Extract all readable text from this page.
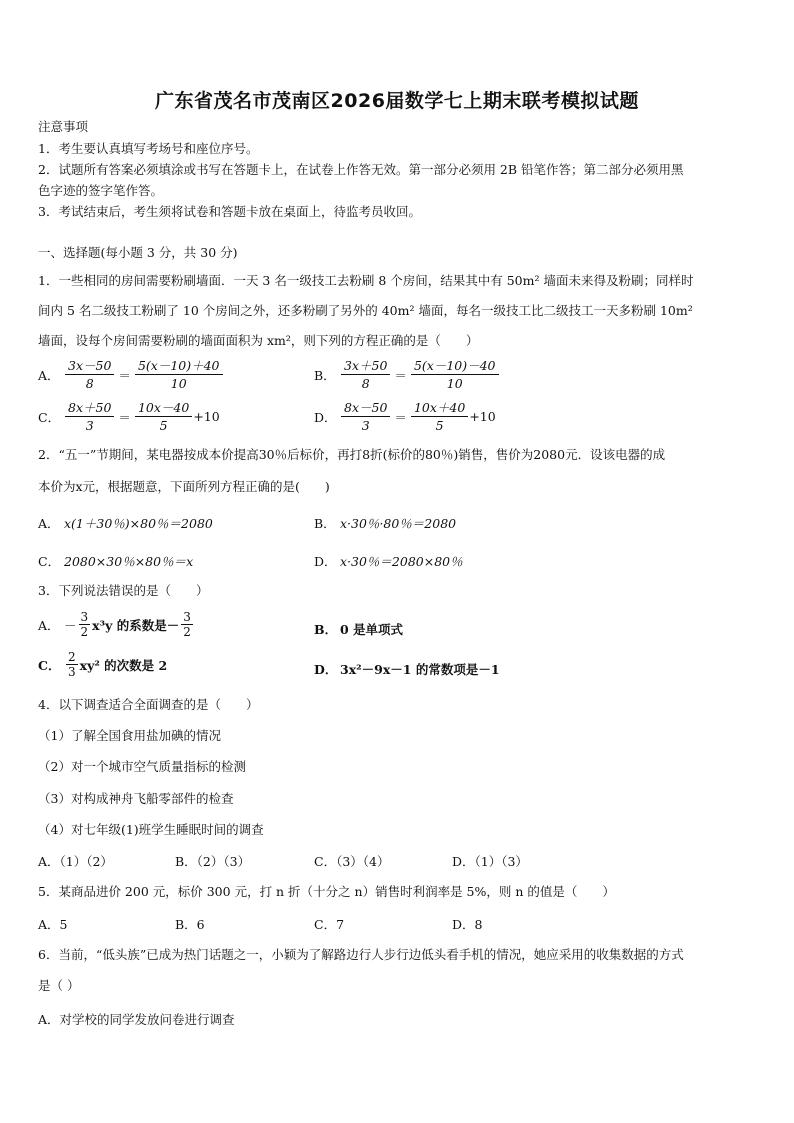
广东省茂名市茂南区2026届数学七上期末联考模拟试题
注意事项
1．考生要认真填写考场号和座位序号。
2．试题所有答案必须填涂或书写在答题卡上，在试卷上作答无效。第一部分必须用 2B 铅笔作答；第二部分必须用黑
色字迹的签字笔作答。
3．考试结束后，考生须将试卷和答题卡放在桌面上，待监考员收回。
一、选择题(每小题 3 分，共 30 分)
1．一些相同的房间需要粉刷墙面．一天 3 名一级技工去粉刷 8 个房间，结果其中有 50m² 墙面未来得及粉刷；同样时
间内 5 名二级技工粉刷了 10 个房间之外，还多粉刷了另外的 40m² 墙面，每名一级技工比二级技工一天多粉刷 10m²
墙面，设每个房间需要粉刷的墙面面积为 xm²，则下列的方程正确的是（　　）
A． $\frac{3x-50}{8} = \frac{5(x-10)+40}{10}$	B． $\frac{3x+50}{8} = \frac{5(x-10)-40}{10}$
C． $\frac{8x+50}{3} = \frac{10x-40}{5} +10$	D． $\frac{8x-50}{3} = \frac{10x+40}{5} +10$
2．“五一”节期间，某电器按成本价提高30％后标价，再打8折(标价的80％)销售，售价为2080元．设该电器的成
本价为x元，根据题意，下面所列方程正确的是(　　)
A． x(1＋30％)×80％＝2080	B． x·30％·80％＝2080
C． 2080×30％×80％＝x	D． x·30％＝2080×80％
3．下列说法错误的是（　　）
A． － $\frac{3}{2} x^3y$ 的系数是－ $\frac{3}{2}$	B． 0 是单项式
C． $\frac{2}{3} xy^2$ 的次数是 2	D． 3x²－9x－1 的常数项是－1
4．以下调查适合全面调查的是（　　）
（1）了解全国食用盐加碘的情况
（2）对一个城市空气质量指标的检测
（3）对构成神舟飞船零部件的检查
（4）对七年级(1)班学生睡眠时间的调查
A．（1）（2）	B．（2）（3）	C．（3）（4）	D．（1）（3）
5．某商品进价 200 元，标价 300 元，打 n 折（十分之 n）销售时利润率是 5%，则 n 的值是（　　）
A．5	B．6	C．7	D．8
6．当前，“低头族”已成为热门话题之一，小颖为了解路边行人步行边低头看手机的情况，她应采用的收集数据的方式
是（ ）
A．对学校的同学发放问卷进行调查
